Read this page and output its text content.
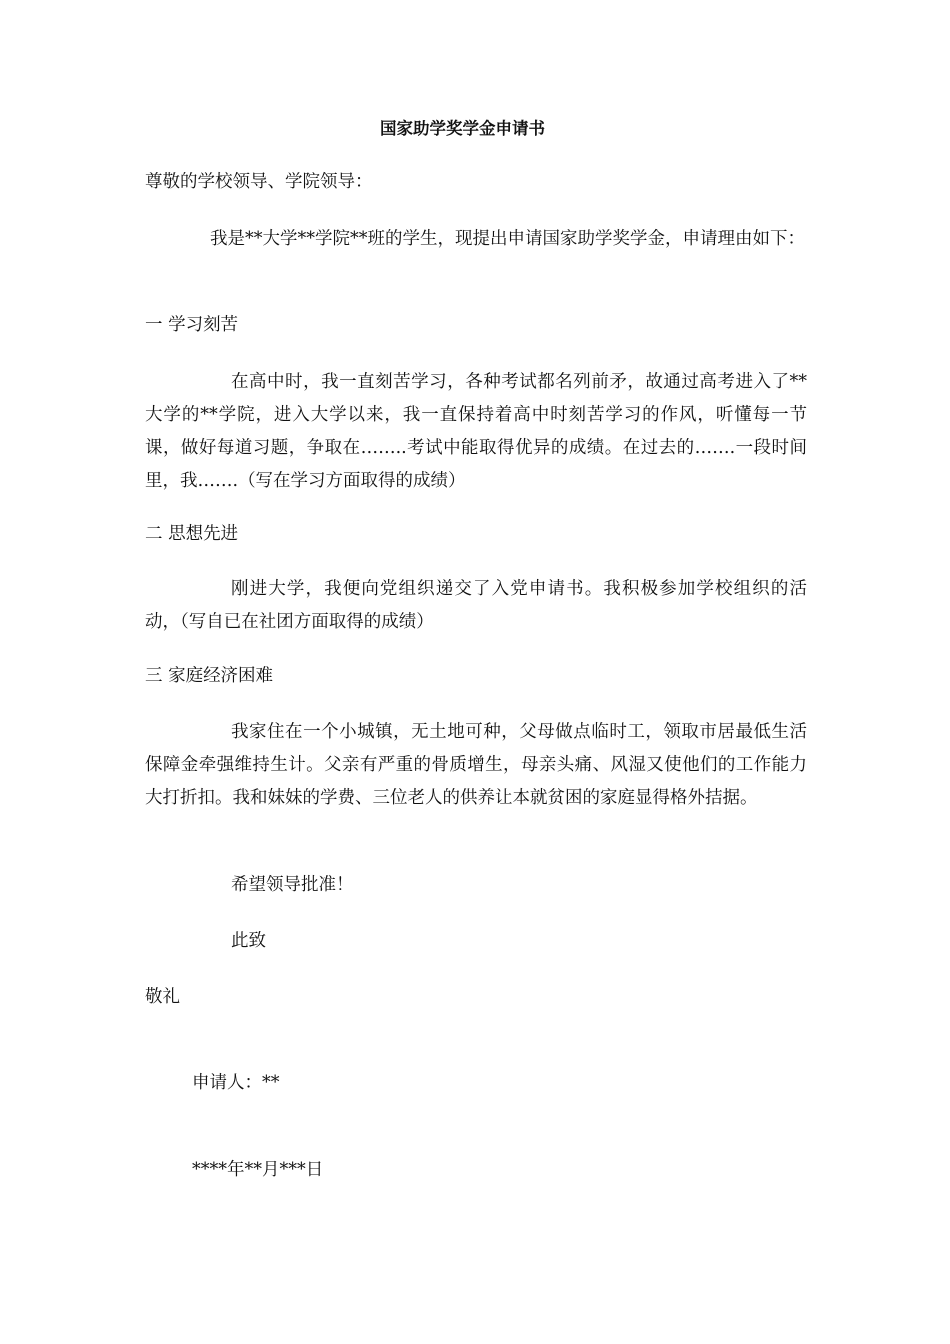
国家助学奖学金申请书
尊敬的学校领导、学院领导：
我是**大学**学院**班的学生，现提出申请国家助学奖学金，申请理由如下：
一 学习刻苦
在高中时，我一直刻苦学习，各种考试都名列前矛，故通过高考进入了**大学的**学院，进入大学以来，我一直保持着高中时刻苦学习的作风，听懂每一节课，做好每道习题，争取在……..考试中能取得优异的成绩。在过去的…….一段时间里，我…….（写在学习方面取得的成绩）
二 思想先进
刚进大学，我便向党组织递交了入党申请书。我积极参加学校组织的活动，（写自已在社团方面取得的成绩）
三 家庭经济困难
我家住在一个小城镇，无土地可种，父母做点临时工，领取市居最低生活保障金牵强维持生计。父亲有严重的骨质增生，母亲头痛、风湿又使他们的工作能力大打折扣。我和妹妹的学费、三位老人的供养让本就贫困的家庭显得格外拮据。
希望领导批准！
此致
敬礼
申请人：**
****年**月***日
